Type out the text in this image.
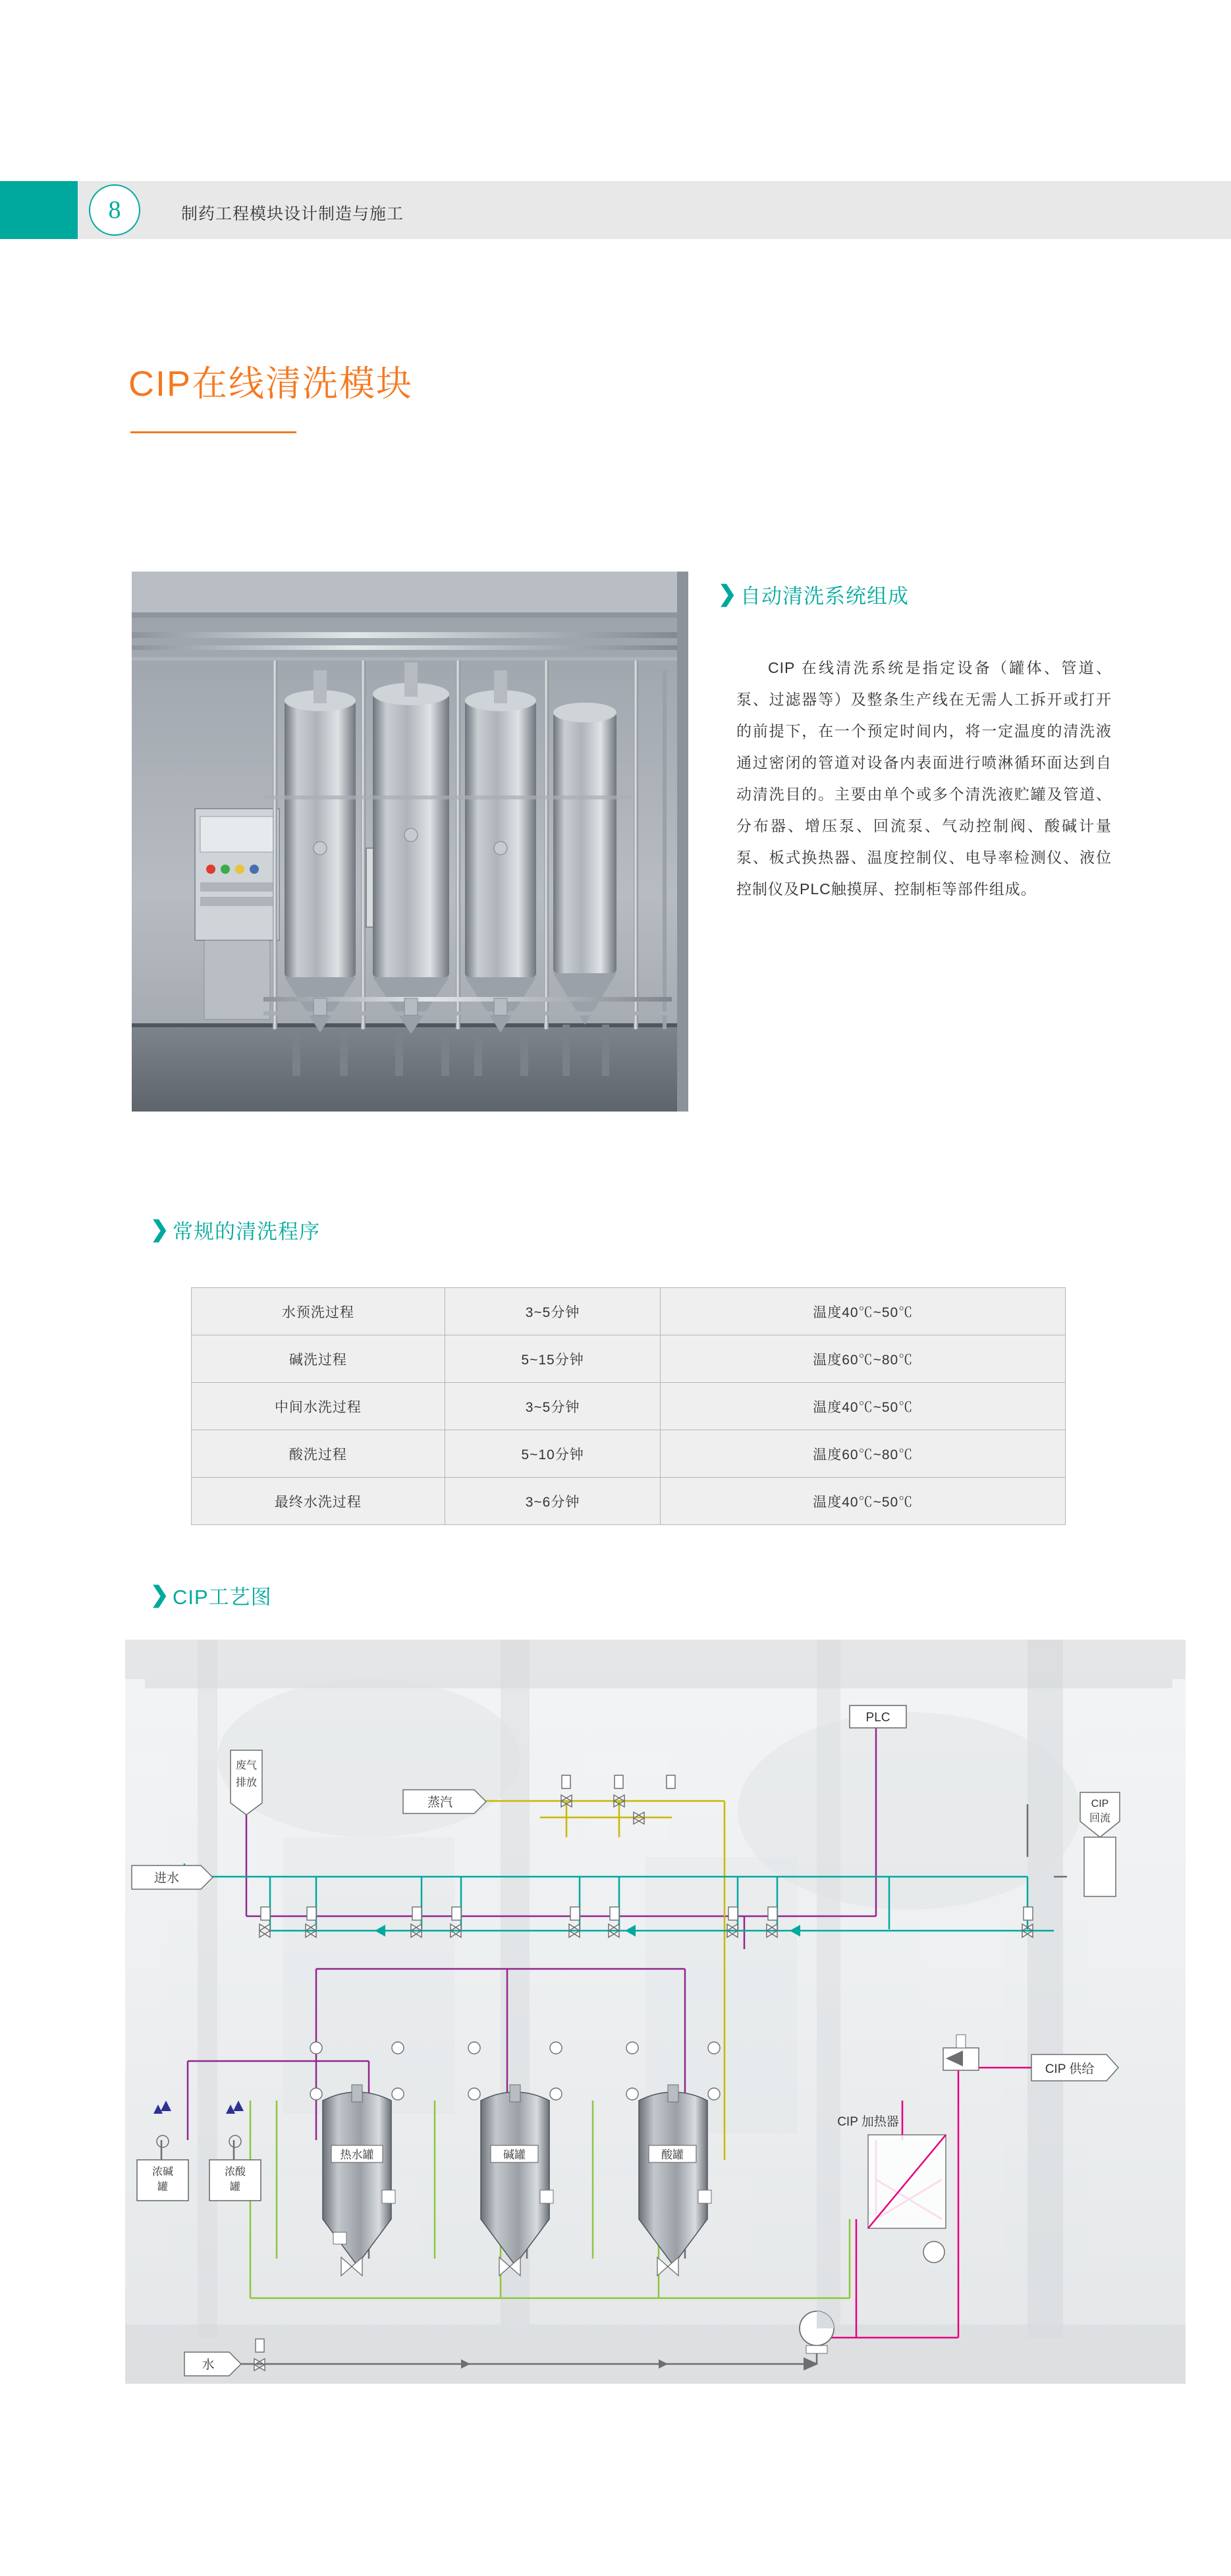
8	制药工程模块设计制造与施工
CIP在线清洗模块
❯ 自动清洗系统组成
CIP 在线清洗系统是指定设备（罐体、管道、泵、过滤器等）及整条生产线在无需人工拆开或打开的前提下，在一个预定时间内，将一定温度的清洗液通过密闭的管道对设备内表面进行喷淋循环面达到自动清洗目的。主要由单个或多个清洗液贮罐及管道、分布器、增压泵、回流泵、气动控制阀、酸碱计量泵、板式换热器、温度控制仪、电导率检测仪、液位控制仪及PLC触摸屏、控制柜等部件组成。
❯ 常规的清洗程序
水预洗过程	3~5分钟	温度40℃~50℃
碱洗过程	5~15分钟	温度60℃~80℃
中间水洗过程	3~5分钟	温度40℃~50℃
酸洗过程	5~10分钟	温度60℃~80℃
最终水洗过程	3~6分钟	温度40℃~50℃
❯ CIP工艺图
PLC
废气
排放
蒸汽
进水
水
CIP
回流
CIP 供给
浓碱
罐
浓酸
罐
热水罐	碱罐	酸罐
CIP 加热器
